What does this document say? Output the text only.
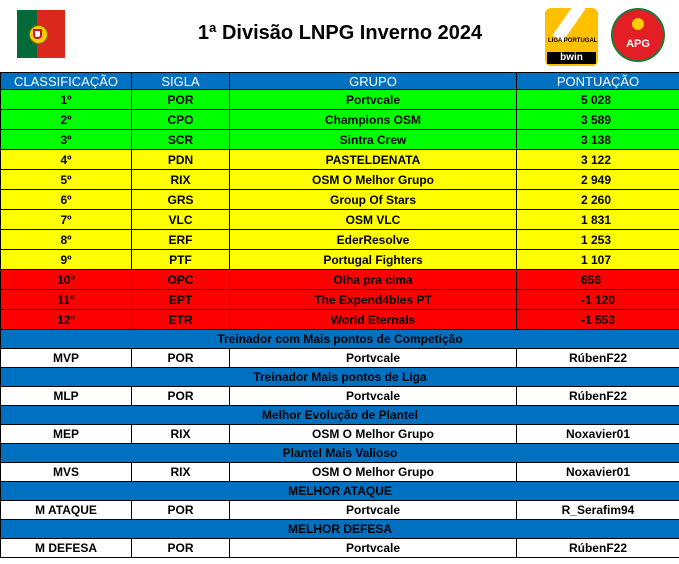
1ª Divisão LNPG Inverno 2024	LIGA PORTUGAL
bwin
APG
CLASSIFICAÇÃO	SIGLA	GRUPO	PONTUAÇÃO
1º	POR	Portvcale	5 028
2º	CPO	Champions OSM	3 589
3º	SCR	Sintra Crew	3 138
4º	PDN	PASTELDENATA	3 122
5º	RIX	OSM O Melhor Grupo	2 949
6º	GRS	Group Of Stars	2 260
7º	VLC	OSM VLC	1 831
8º	ERF	EderResolve	1 253
9º	PTF	Portugal Fighters	1 107
10º	OPC	Olha pra cima	656
11º	EPT	The Expend4bles PT	-1 120
12º	ETR	World Eternals	-1 553
Treinador com Mais pontos de Competição			
MVP	POR	Portvcale	RúbenF22
Treinador Mais pontos de Liga			
MLP	POR	Portvcale	RúbenF22
Melhor Evolução de Plantel			
MEP	RIX	OSM O Melhor Grupo	Noxavier01
Plantel Mais Valioso			
MVS	RIX	OSM O Melhor Grupo	Noxavier01
MELHOR ATAQUE			
M ATAQUE	POR	Portvcale	R_Serafim94
MELHOR DEFESA			
M DEFESA	POR	Portvcale	RúbenF22
